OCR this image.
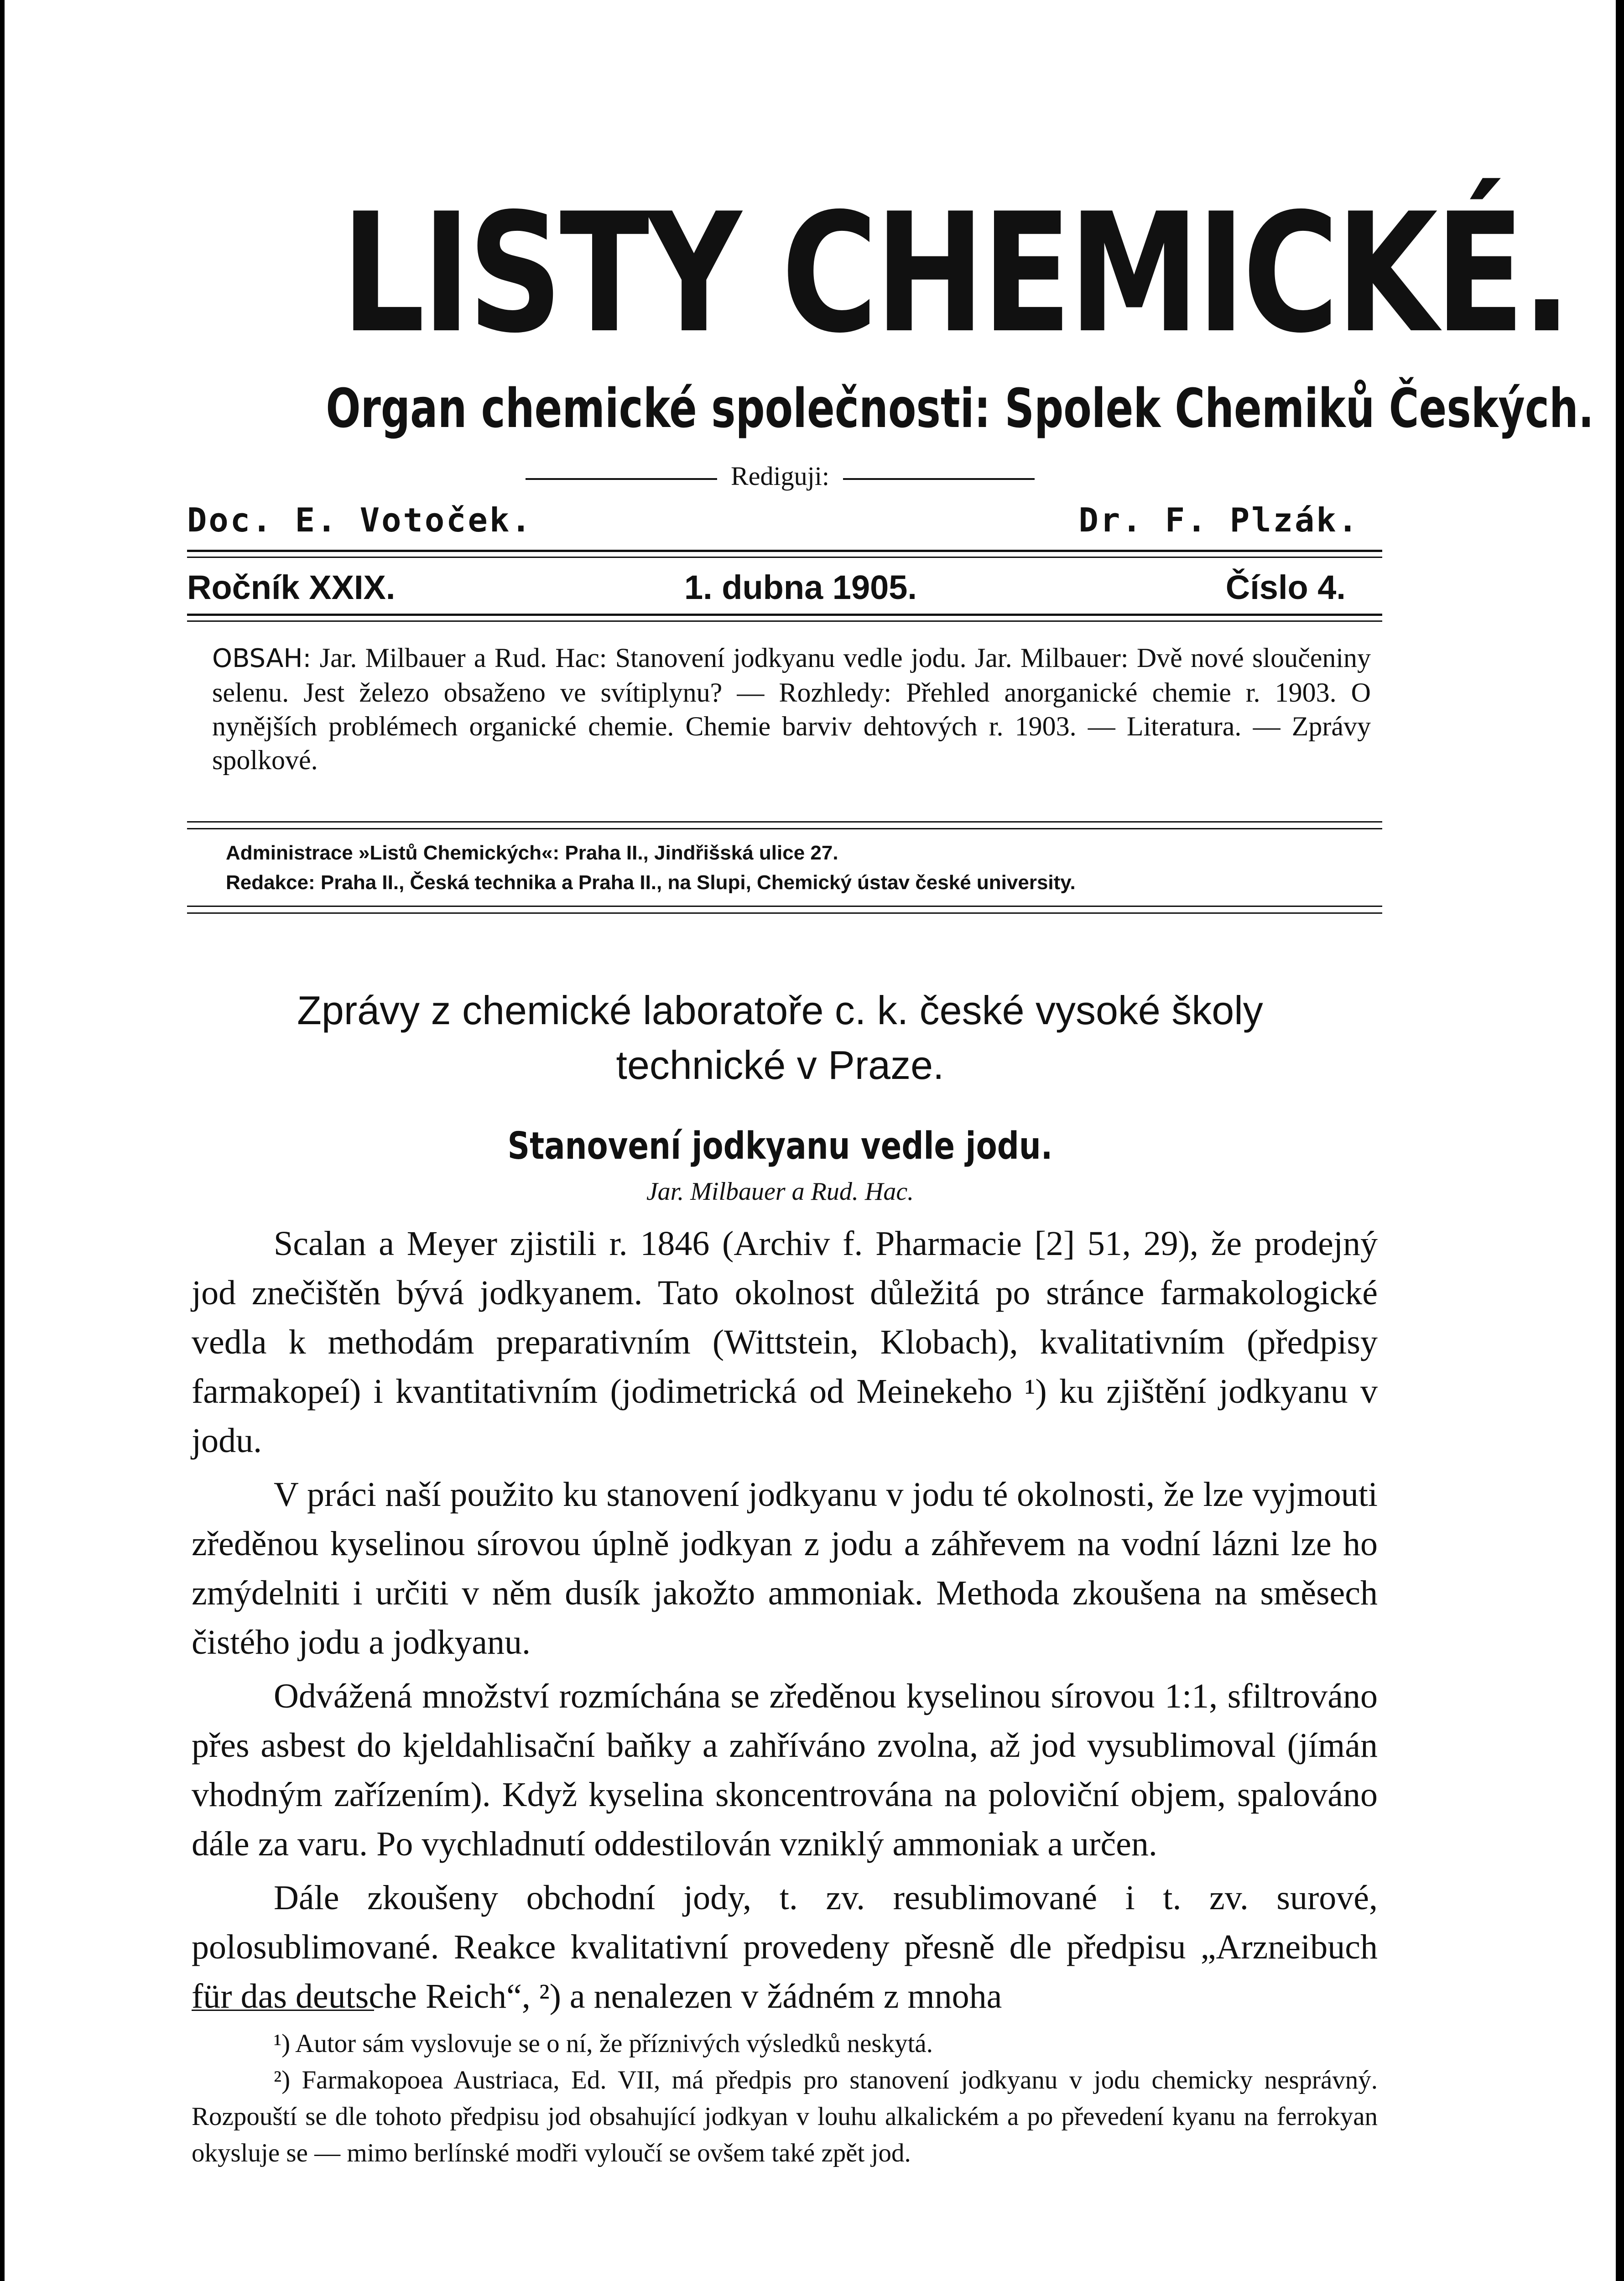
LISTY CHEMICKÉ.
Organ chemické společnosti: Spolek Chemiků Českých.
Rediguji:
Doc. E. Votoček.	Dr. F. Plzák.
Ročník XXIX.	1. dubna 1905.	Číslo 4.
OBSAH: Jar. Milbauer a Rud. Hac: Stanovení jodkyanu vedle jodu. Jar. Milbauer: Dvě nové sloučeniny selenu. Jest železo obsaženo ve svítiplynu? — Rozhledy: Přehled anorganické chemie r. 1903. O nynějších problémech organické chemie. Chemie barviv dehtových r. 1903. — Literatura. — Zprávy spolkové.
Administrace »Listů Chemických«: Praha II., Jindřišská ulice 27.
Redakce: Praha II., Česká technika a Praha II., na Slupi, Chemický ústav české university.
Zprávy z chemické laboratoře c. k. české vysoké školy
technické v Praze.
Stanovení jodkyanu vedle jodu.
Jar. Milbauer a Rud. Hac.

Scalan a Meyer zjistili r. 1846 (Archiv f. Pharmacie [2] 51, 29), že prodejný jod znečištěn bývá jodkyanem. Tato okolnost důležitá po stránce farmakologické vedla k methodám preparativním (Wittstein, Klobach), kvalitativním (předpisy farmakopeí) i kvantitativním (jodimetrická od Meinekeho ¹) ku zjištění jodkyanu v jodu.

V práci naší použito ku stanovení jodkyanu v jodu té okolnosti, že lze vyjmouti zředěnou kyselinou sírovou úplně jodkyan z jodu a záhřevem na vodní lázni lze ho zmýdelniti i určiti v něm dusík jakožto ammoniak. Methoda zkoušena na směsech čistého jodu a jodkyanu.

Odvážená množství rozmíchána se zředěnou kyselinou sírovou 1:1, sfiltrováno přes asbest do kjeldahlisační baňky a zahříváno zvolna, až jod vysublimoval (jímán vhodným zařízením). Když kyselina skoncentrována na poloviční objem, spalováno dále za varu. Po vychladnutí oddestilován vzniklý ammoniak a určen.

Dále zkoušeny obchodní jody, t. zv. resublimované i t. zv. surové, polosublimované. Reakce kvalitativní provedeny přesně dle předpisu „Arzneibuch für das deutsche Reich“, ²) a nenalezen v žádném z mnoha

¹) Autor sám vyslovuje se o ní, že příznivých výsledků neskytá.

²) Farmakopoea Austriaca, Ed. VII, má předpis pro stanovení jodkyanu v jodu chemicky nesprávný. Rozpouští se dle tohoto předpisu jod obsahující jodkyan v louhu alkalickém a po převedení kyanu na ferrokyan okysluje se — mimo berlínské modři vyloučí se ovšem také zpět jod.
